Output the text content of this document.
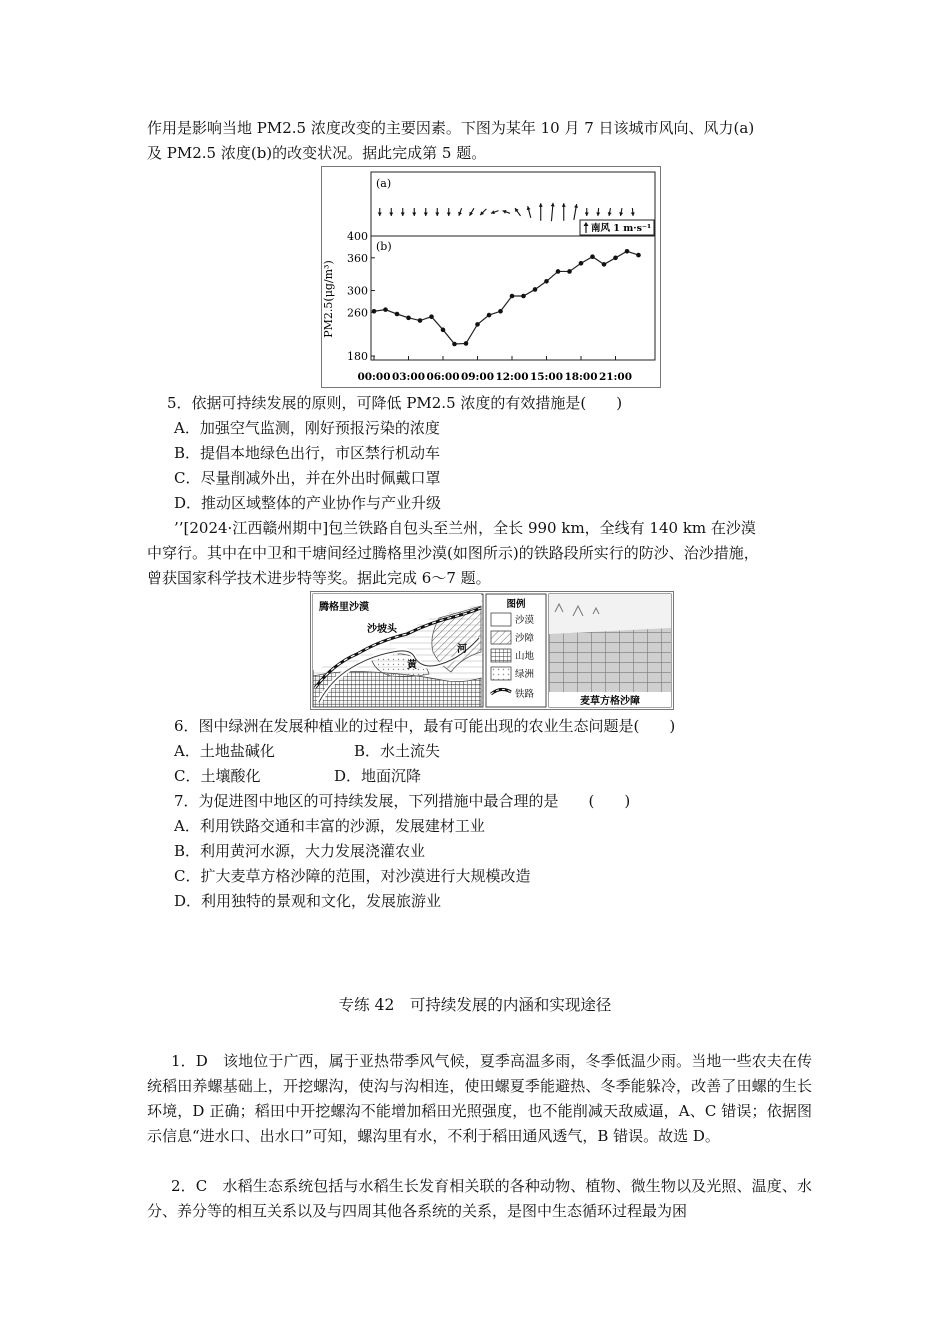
作用是影响当地 PM2.5 浓度改变的主要因素。下图为某年 10 月 7 日该城市风向、风力(a)
及 PM2.5 浓度(b)的改变状况。据此完成第 5 题。
(a)
(b)
南风 1 m·s⁻¹
400
360
300
260
180
00:00 03:00 06:00 09:00 12:00 15:00 18:00 21:00
PM2.5(μg/m³)
5．依据可持续发展的原则，可降低 PM2.5 浓度的有效措施是(　　)
A．加强空气监测，刚好预报污染的浓度
B．提倡本地绿色出行，市区禁行机动车
C．尽量削减外出，并在外出时佩戴口罩
D．推动区域整体的产业协作与产业升级
’’[2024·江西赣州期中]包兰铁路自包头至兰州，全长 990 km，全线有 140 km 在沙漠
中穿行。其中在中卫和干塘间经过腾格里沙漠(如图所示)的铁路段所实行的防沙、治沙措施，
曾获国家科学技术进步特等奖。据此完成 6～7 题。
腾格里沙漠
沙坡头
黄
河
图例
沙漠
沙障
山地
绿洲
铁路
麦草方格沙障
6．图中绿洲在发展种植业的过程中，最有可能出现的农业生态问题是(　　)
A．土地盐碱化	B．水土流失
C．土壤酸化	D．地面沉降
7．为促进图中地区的可持续发展，下列措施中最合理的是　　(　　)
A．利用铁路交通和丰富的沙源，发展建材工业
B．利用黄河水源，大力发展浇灌农业
C．扩大麦草方格沙障的范围，对沙漠进行大规模改造
D．利用独特的景观和文化，发展旅游业
专练 42　可持续发展的内涵和实现途径
1．D　该地位于广西，属于亚热带季风气候，夏季高温多雨，冬季低温少雨。当地一些农夫在传统稻田养螺基础上，开挖螺沟，使沟与沟相连，使田螺夏季能避热、冬季能躲冷，改善了田螺的生长环境，D 正确；稻田中开挖螺沟不能增加稻田光照强度，也不能削减天敌威逼，A、C 错误；依据图示信息“进水口、出水口”可知，螺沟里有水，不利于稻田通风透气，B 错误。故选 D。
2．C　水稻生态系统包括与水稻生长发育相关联的各种动物、植物、微生物以及光照、温度、水分、养分等的相互关系以及与四周其他各系统的关系，是图中生态循环过程最为困
